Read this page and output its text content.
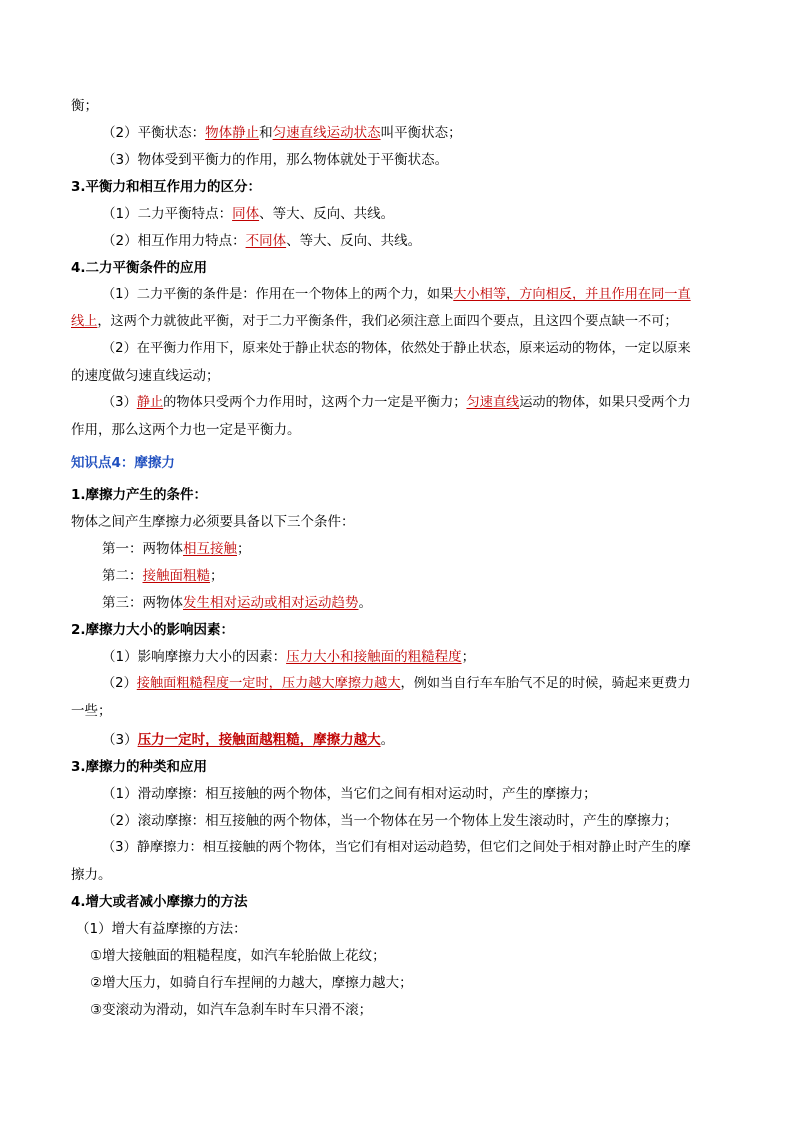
衡；
（2）平衡状态：物体静止和匀速直线运动状态叫平衡状态；
（3）物体受到平衡力的作用，那么物体就处于平衡状态。
3.平衡力和相互作用力的区分：
（1）二力平衡特点：同体、等大、反向、共线。
（2）相互作用力特点：不同体、等大、反向、共线。
4.二力平衡条件的应用
（1）二力平衡的条件是：作用在一个物体上的两个力，如果大小相等，方向相反，并且作用在同一直
线上，这两个力就彼此平衡，对于二力平衡条件，我们必须注意上面四个要点，且这四个要点缺一不可；
（2）在平衡力作用下，原来处于静止状态的物体，依然处于静止状态，原来运动的物体，一定以原来
的速度做匀速直线运动；
（3）静止的物体只受两个力作用时，这两个力一定是平衡力；匀速直线运动的物体，如果只受两个力
作用，那么这两个力也一定是平衡力。
知识点4：摩擦力
1.摩擦力产生的条件：
物体之间产生摩擦力必须要具备以下三个条件：
第一：两物体相互接触；
第二：接触面粗糙；
第三：两物体发生相对运动或相对运动趋势。
2.摩擦力大小的影响因素：
（1）影响摩擦力大小的因素：压力大小和接触面的粗糙程度；
（2）接触面粗糙程度一定时，压力越大摩擦力越大，例如当自行车车胎气不足的时候，骑起来更费力
一些；
（3）压力一定时，接触面越粗糙，摩擦力越大。
3.摩擦力的种类和应用
（1）滑动摩擦：相互接触的两个物体，当它们之间有相对运动时，产生的摩擦力；
（2）滚动摩擦：相互接触的两个物体，当一个物体在另一个物体上发生滚动时，产生的摩擦力；
（3）静摩擦力：相互接触的两个物体，当它们有相对运动趋势，但它们之间处于相对静止时产生的摩
擦力。
4.增大或者减小摩擦力的方法
（1）增大有益摩擦的方法：
①增大接触面的粗糙程度，如汽车轮胎做上花纹；
②增大压力，如骑自行车捏闸的力越大，摩擦力越大；
③变滚动为滑动，如汽车急刹车时车只滑不滚；
